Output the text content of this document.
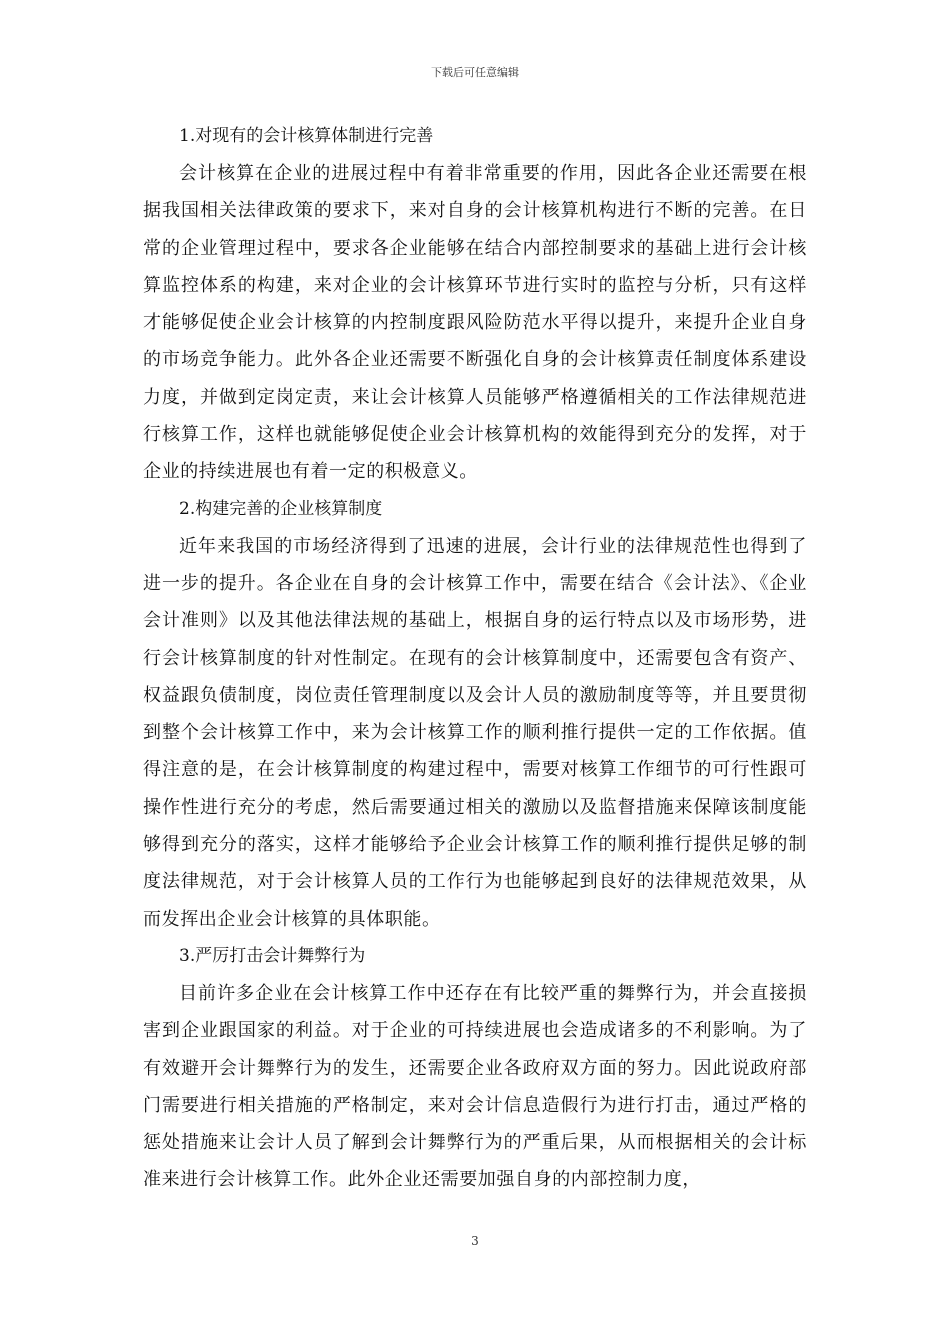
下载后可任意编辑
1.对现有的会计核算体制进行完善

会计核算在企业的进展过程中有着非常重要的作用，因此各企业还需要在根据我国相关法律政策的要求下，来对自身的会计核算机构进行不断的完善。在日常的企业管理过程中，要求各企业能够在结合内部控制要求的基础上进行会计核算监控体系的构建，来对企业的会计核算环节进行实时的监控与分析，只有这样才能够促使企业会计核算的内控制度跟风险防范水平得以提升，来提升企业自身的市场竞争能力。此外各企业还需要不断强化自身的会计核算责任制度体系建设力度，并做到定岗定责，来让会计核算人员能够严格遵循相关的工作法律规范进行核算工作，这样也就能够促使企业会计核算机构的效能得到充分的发挥，对于企业的持续进展也有着一定的积极意义。

2.构建完善的企业核算制度

近年来我国的市场经济得到了迅速的进展，会计行业的法律规范性也得到了进一步的提升。各企业在自身的会计核算工作中，需要在结合《会计法》、《企业会计准则》以及其他法律法规的基础上，根据自身的运行特点以及市场形势，进行会计核算制度的针对性制定。在现有的会计核算制度中，还需要包含有资产、权益跟负债制度，岗位责任管理制度以及会计人员的激励制度等等，并且要贯彻到整个会计核算工作中，来为会计核算工作的顺利推行提供一定的工作依据。值得注意的是，在会计核算制度的构建过程中，需要对核算工作细节的可行性跟可操作性进行充分的考虑，然后需要通过相关的激励以及监督措施来保障该制度能够得到充分的落实，这样才能够给予企业会计核算工作的顺利推行提供足够的制度法律规范，对于会计核算人员的工作行为也能够起到良好的法律规范效果，从而发挥出企业会计核算的具体职能。

3.严厉打击会计舞弊行为

目前许多企业在会计核算工作中还存在有比较严重的舞弊行为，并会直接损害到企业跟国家的利益。对于企业的可持续进展也会造成诸多的不利影响。为了有效避开会计舞弊行为的发生，还需要企业各政府双方面的努力。因此说政府部门需要进行相关措施的严格制定，来对会计信息造假行为进行打击，通过严格的惩处措施来让会计人员了解到会计舞弊行为的严重后果，从而根据相关的会计标准来进行会计核算工作。此外企业还需要加强自身的内部控制力度，

3
